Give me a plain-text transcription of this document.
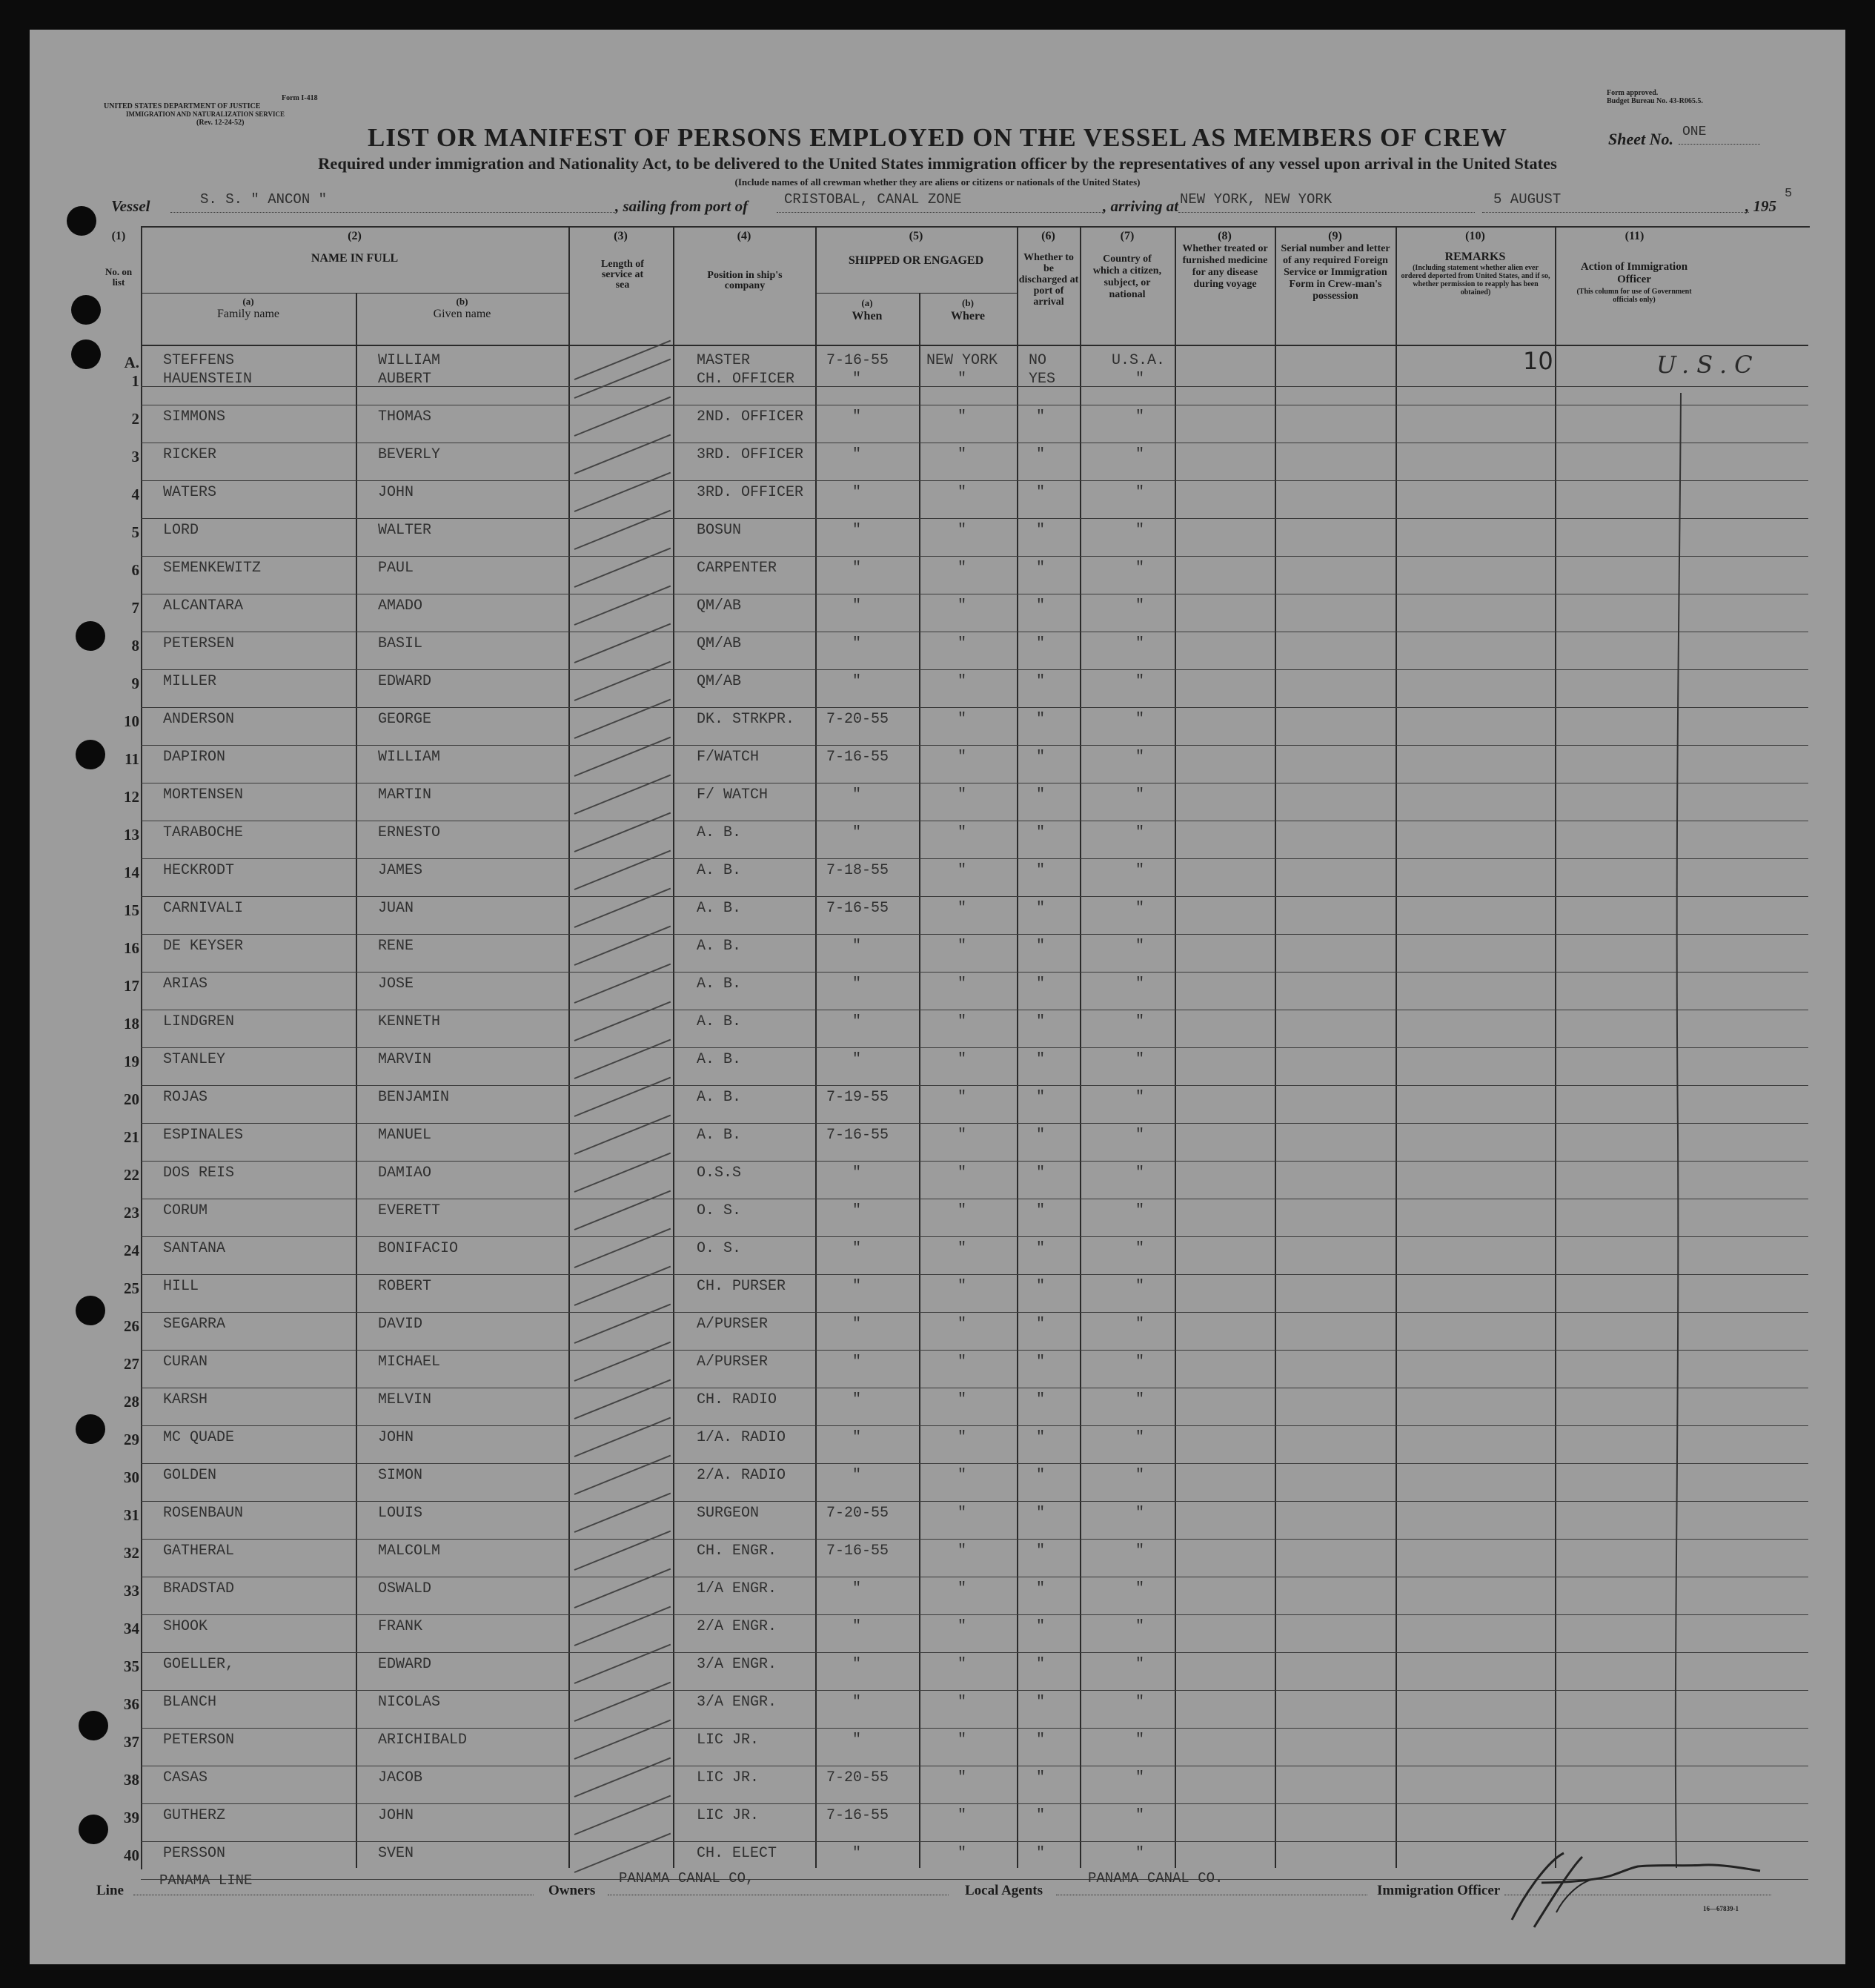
Form I-418
UNITED STATES DEPARTMENT OF JUSTICE
IMMIGRATION AND NATURALIZATION SERVICE
(Rev. 12-24-52)
Form approved.
Budget Bureau No. 43-R065.5.
LIST OR MANIFEST OF PERSONS EMPLOYED ON THE VESSEL AS MEMBERS OF CREW	Sheet No. ONE
Required under immigration and Nationality Act, to be delivered to the United States immigration officer by the representatives of any vessel upon arrival in the United States
(Include names of all crewman whether they are aliens or citizens or nationals of the United States)
Vessel	S. S. " ANCON "	, sailing from port of	CRISTOBAL, CANAL ZONE	, arriving at NEW YORK, NEW YORK	5 AUGUST	, 195
5
(1)
No. on list
(2)
NAME IN FULL
(a)
Family name
(b)
Given name
(3)
Length of service at sea
(4)
Position in ship's company
(5)
SHIPPED OR ENGAGED
(a)
When
(b)
Where
(6)
Whether to be discharged at port of arrival
(7)
Country of which a citizen, subject, or national
(8)
Whether treated or furnished medicine for any disease during voyage
(9)
Serial number and letter of any required Foreign Service or Immigration Form in Crew-man's possession
(10)
REMARKS
(Including statement whether alien ever ordered deported from United States, and if so, whether permission to reapply has been obtained)
(11)
Action of Immigration Officer
(This column for use of Government officials only)
A. STEFFENS	WILLIAM	MASTER	7-16-55	NEW YORK NO	U.S.A.
1 HAUENSTEIN	AUBERT	CH. OFFICER	"	"	YES	"
2 SIMMONS	THOMAS	2ND. OFFICER	"	"	"	"
3 RICKER	BEVERLY	3RD. OFFICER	"	"	"	"
4 WATERS	JOHN	3RD. OFFICER	"	"	"	"
5 LORD	WALTER	BOSUN	"	"	"	"
6 SEMENKEWITZ	PAUL	CARPENTER	"	"	"	"
7 ALCANTARA	AMADO	QM/AB	"	"	"	"
8 PETERSEN	BASIL	QM/AB	"	"	"	"
9 MILLER	EDWARD	QM/AB	"	"	"	"
10 ANDERSON	GEORGE	DK. STRKPR. 7-20-55	"	"	"
11 DAPIRON	WILLIAM	F/WATCH	7-16-55	"	"	"
12 MORTENSEN	MARTIN	F/ WATCH	"	"	"	"
13 TARABOCHE	ERNESTO	A. B.	"	"	"	"
14 HECKRODT	JAMES	A. B.	7-18-55	"	"	"
15 CARNIVALI	JUAN	A. B.	7-16-55	"	"	"
16 DE KEYSER	RENE	A. B.	"	"	"	"
17 ARIAS	JOSE	A. B.	"	"	"	"
18 LINDGREN	KENNETH	A. B.	"	"	"	"
19 STANLEY	MARVIN	A. B.	"	"	"	"
20 ROJAS	BENJAMIN	A. B.	7-19-55	"	"	"
21 ESPINALES	MANUEL	A. B.	7-16-55	"	"	"
22 DOS REIS	DAMIAO	O.S.S	"	"	"	"
23 CORUM	EVERETT	O. S.	"	"	"	"
24 SANTANA	BONIFACIO	O. S.	"	"	"	"
25 HILL	ROBERT	CH. PURSER	"	"	"	"
26 SEGARRA	DAVID	A/PURSER	"	"	"	"
27 CURAN	MICHAEL	A/PURSER	"	"	"	"
28 KARSH	MELVIN	CH. RADIO	"	"	"	"
29 MC QUADE	JOHN	1/A. RADIO	"	"	"	"
30 GOLDEN	SIMON	2/A. RADIO	"	"	"	"
31 ROSENBAUN	LOUIS	SURGEON	7-20-55	"	"	"
32 GATHERAL	MALCOLM	CH. ENGR.	7-16-55	"	"	"
33 BRADSTAD	OSWALD	1/A ENGR.	"	"	"	"
34 SHOOK	FRANK	2/A ENGR.	"	"	"	"
35 GOELLER,	EDWARD	3/A ENGR.	"	"	"	"
36 BLANCH	NICOLAS	3/A ENGR.	"	"	"	"
37 PETERSON	ARICHIBALD	LIC JR.	"	"	"	"
38 CASAS	JACOB	LIC JR.	7-20-55	"	"	"
39 GUTHERZ	JOHN	LIC JR.	7-16-55	"	"	"
40 PERSSON	SVEN	CH. ELECT	"	"	"	"
10	U.S.C
Line
PANAMA LINE
Owners
PANAMA CANAL CO,
Local Agents
PANAMA CANAL CO.
Immigration Officer
16—67839-1
